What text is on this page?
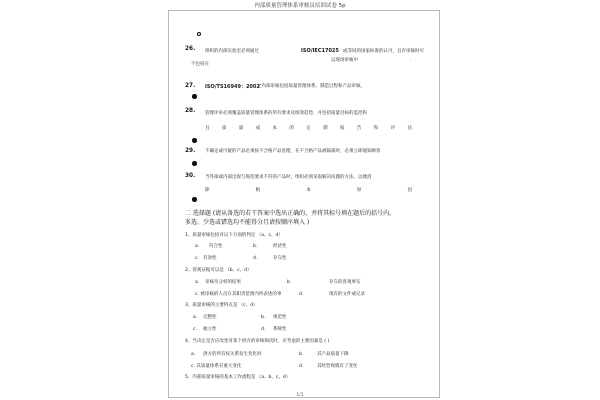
内部质量管理体系审核员培训试卷 5p
26. 组织的内部实验室必须通过	ISO/IEC17025 或等同的国家标准的认可，且有审核时可
不包括在
以现场审核中	.
27. ISO/TS16949：2002
之内部审核包括质量管理体系、制造过程和产品审核。
28. 管理评审必须覆盖质量管理体系的所有要求及绩效趋势，并包括质量目标的监控和
且	质	量	成	本	的	定	期	报	告	和	评	估
29. 不确定或可疑的产品必须按不合格产品处理，在不合格产品被隔离时，必须立即通知顾客
30. 当外部或内部出现与规范要求不符的产品时，组织必须采取解决问题的方法，以便消
除	根	本	原	因
二 选择题 (请从备选的若干答案中选出正确的，并将其标号填在题后的括号内。
多选、少选或错选均不能得分且请按顺序填入 )
1、质量审核包括对以下方面的判定 （a、c、d）
a. 符合性	b.	经济性
c. 有效性	d.	存在性
2、客观证据可以是 （b、c、d）
a. 审核员分析的结果	b.	存在的客观事实
c. 被审核的人员在其职责范围内所表述的事	d.	现有的文件或记录
3、质量审核的主要特点是 （c、d）
a. 完整性	b. 规范性
c. 独立性	d. 系统性
4、当决定是否应改变对某个供方的审核频次时，应考虑的主要因素是 ( )
a. 供方的所有权关系发生变化时	b.	其产品质量下降
c. 其质量体系有重大变化	d.	其经营规模有了变化
5、内部质量审核的基本工作流程是 （a、b、c、d）
1/1
